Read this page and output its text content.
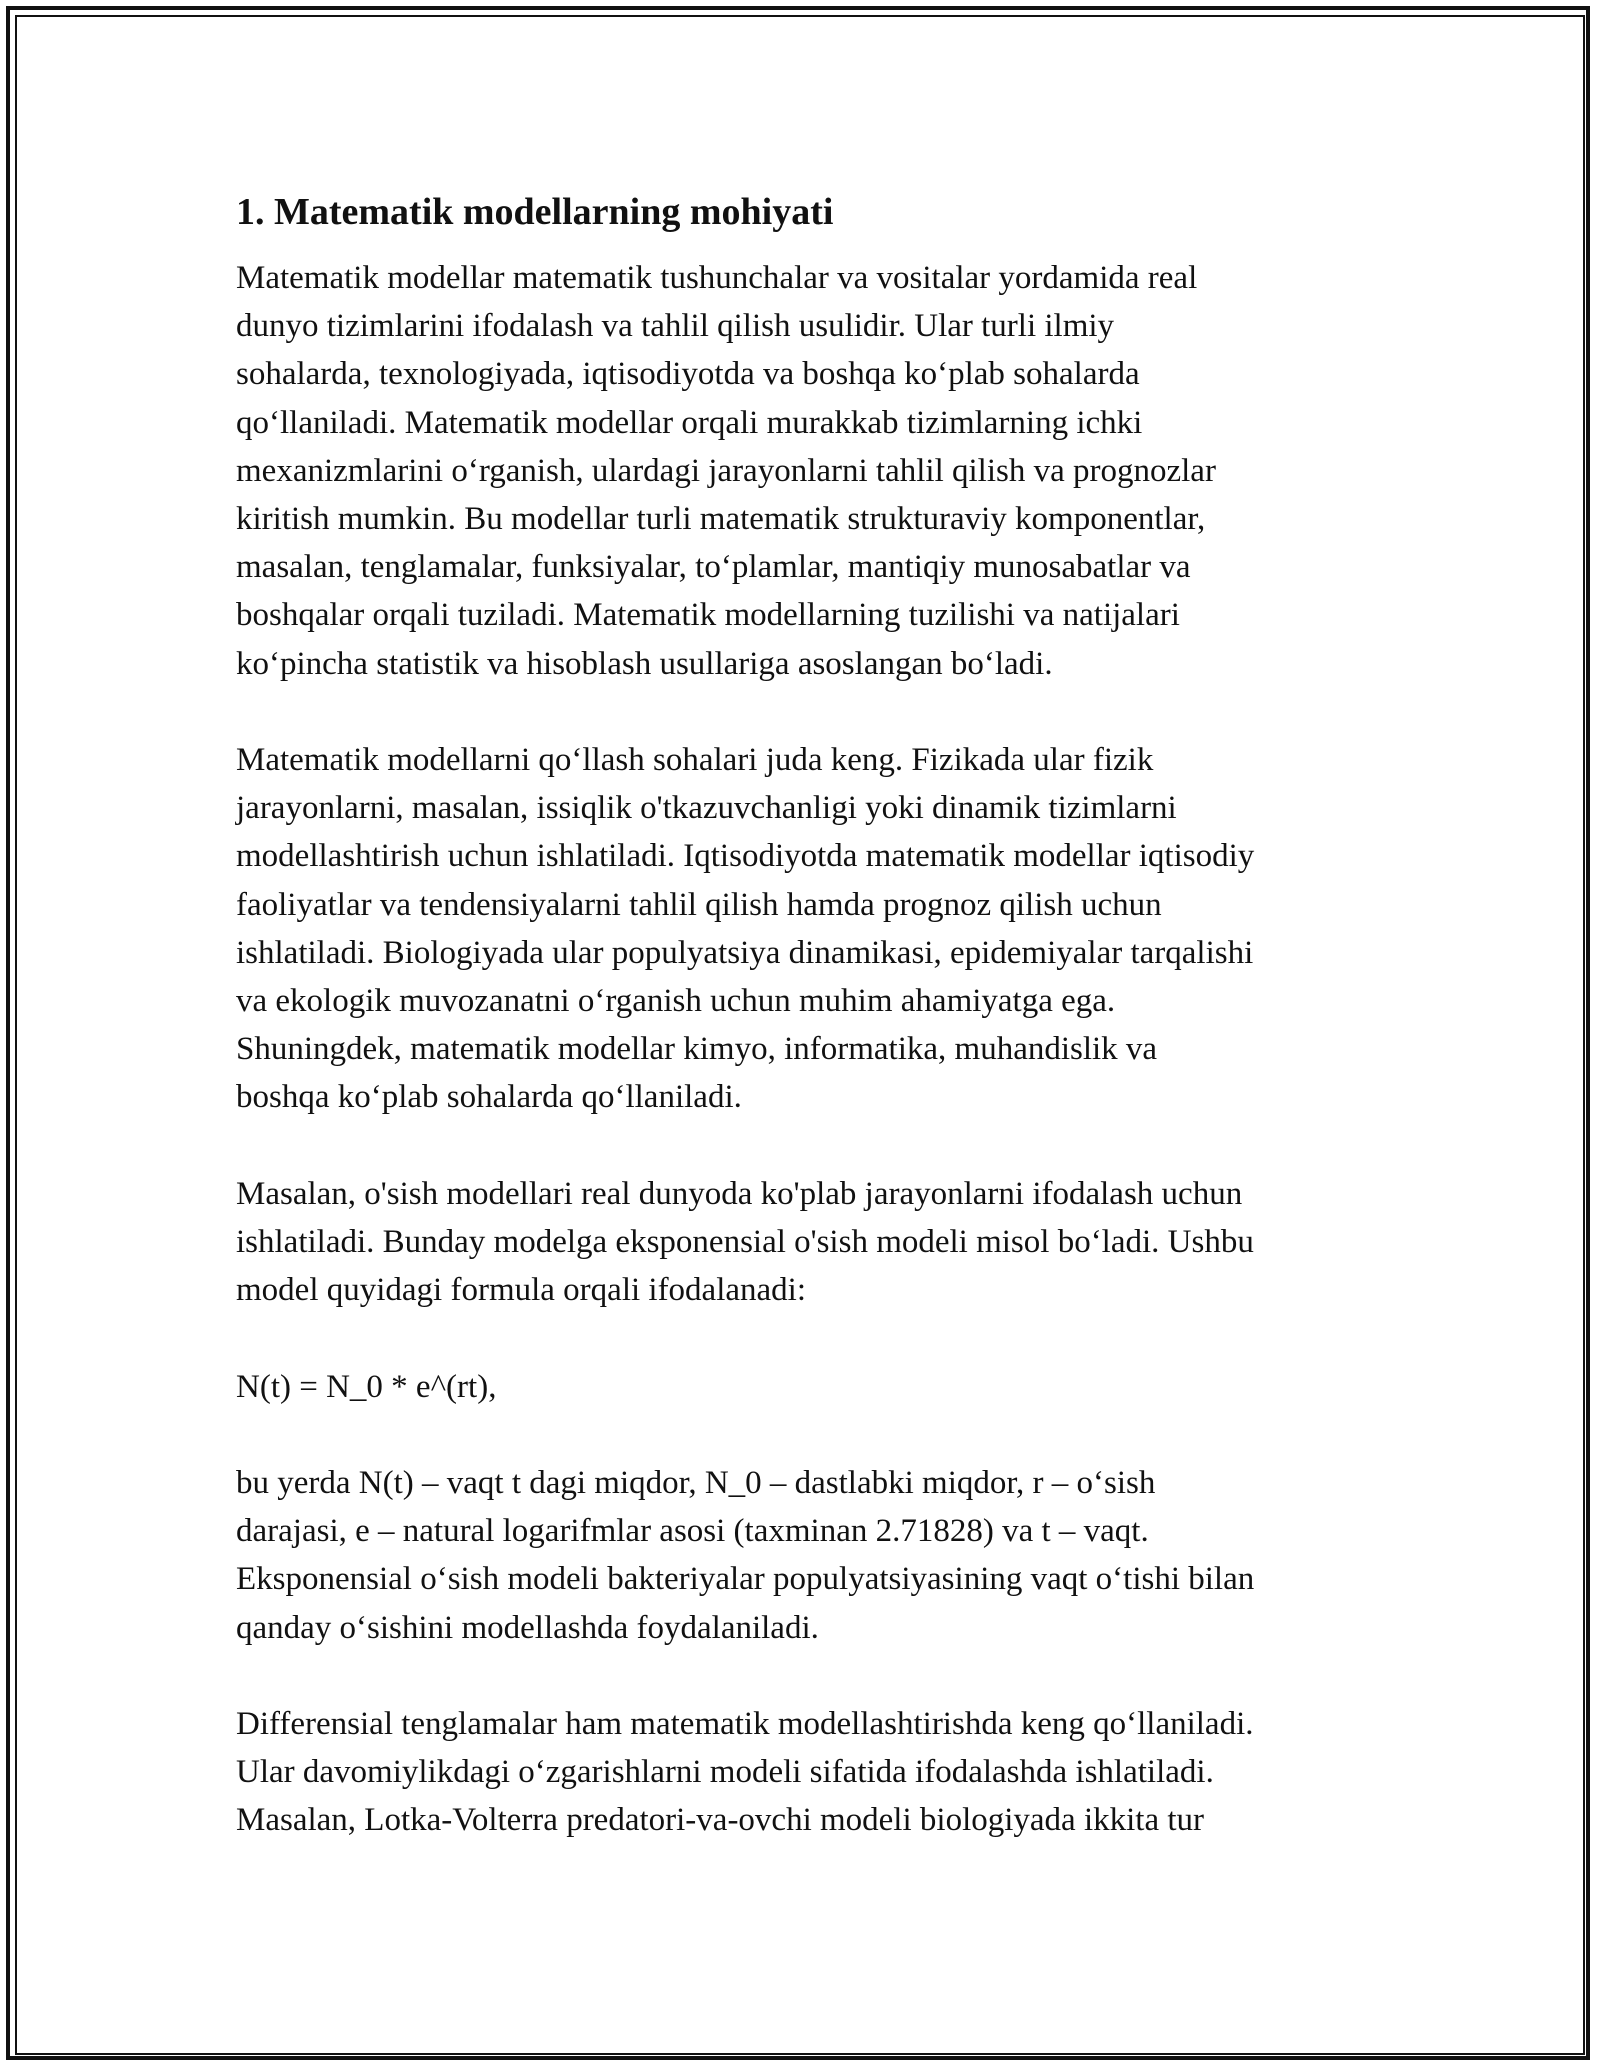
1. Matematik modellarning mohiyati

Matematik modellar matematik tushunchalar va vositalar yordamida real
dunyo tizimlarini ifodalash va tahlil qilish usulidir. Ular turli ilmiy
sohalarda, texnologiyada, iqtisodiyotda va boshqa ko‘plab sohalarda
qo‘llaniladi. Matematik modellar orqali murakkab tizimlarning ichki
mexanizmlarini o‘rganish, ulardagi jarayonlarni tahlil qilish va prognozlar
kiritish mumkin. Bu modellar turli matematik strukturaviy komponentlar,
masalan, tenglamalar, funksiyalar, to‘plamlar, mantiqiy munosabatlar va
boshqalar orqali tuziladi. Matematik modellarning tuzilishi va natijalari
ko‘pincha statistik va hisoblash usullariga asoslangan bo‘ladi.

Matematik modellarni qo‘llash sohalari juda keng. Fizikada ular fizik
jarayonlarni, masalan, issiqlik o'tkazuvchanligi yoki dinamik tizimlarni
modellashtirish uchun ishlatiladi. Iqtisodiyotda matematik modellar iqtisodiy
faoliyatlar va tendensiyalarni tahlil qilish hamda prognoz qilish uchun
ishlatiladi. Biologiyada ular populyatsiya dinamikasi, epidemiyalar tarqalishi
va ekologik muvozanatni o‘rganish uchun muhim ahamiyatga ega.
Shuningdek, matematik modellar kimyo, informatika, muhandislik va
boshqa ko‘plab sohalarda qo‘llaniladi.

Masalan, o'sish modellari real dunyoda ko'plab jarayonlarni ifodalash uchun
ishlatiladi. Bunday modelga eksponensial o'sish modeli misol bo‘ladi. Ushbu
model quyidagi formula orqali ifodalanadi:

N(t) = N_0 * e^(rt),

bu yerda N(t) – vaqt t dagi miqdor, N_0 – dastlabki miqdor, r – o‘sish
darajasi, e – natural logarifmlar asosi (taxminan 2.71828) va t – vaqt.
Eksponensial o‘sish modeli bakteriyalar populyatsiyasining vaqt o‘tishi bilan
qanday o‘sishini modellashda foydalaniladi.

Differensial tenglamalar ham matematik modellashtirishda keng qo‘llaniladi.
Ular davomiylikdagi o‘zgarishlarni modeli sifatida ifodalashda ishlatiladi.
Masalan, Lotka-Volterra predatori-va-ovchi modeli biologiyada ikkita tur
